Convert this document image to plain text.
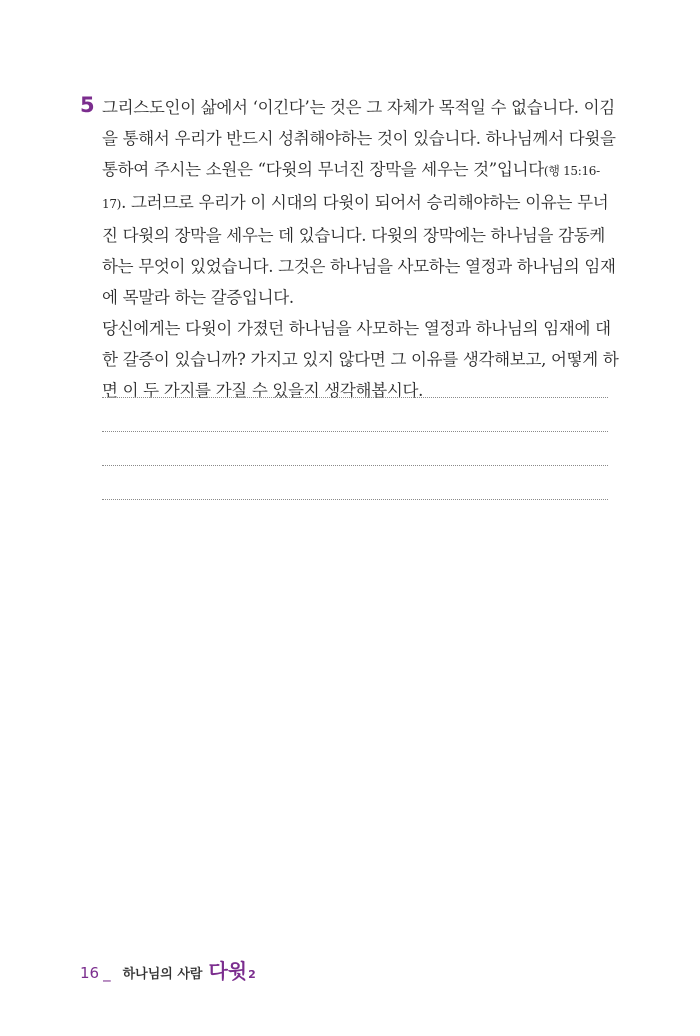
5 그리스도인이 삶에서 ‘이긴다’는 것은 그 자체가 목적일 수 없습니다. 이김을 통해서 우리가 반드시 성취해야하는 것이 있습니다. 하나님께서 다윗을 통하여 주시는 소원은 “다윗의 무너진 장막을 세우는 것”입니다(행 15:16-17). 그러므로 우리가 이 시대의 다윗이 되어서 승리해야하는 이유는 무너진 다윗의 장막을 세우는 데 있습니다. 다윗의 장막에는 하나님을 감동케 하는 무엇이 있었습니다. 그것은 하나님을 사모하는 열정과 하나님의 임재에 목말라 하는 갈증입니다.

당신에게는 다윗이 가졌던 하나님을 사모하는 열정과 하나님의 임재에 대한 갈증이 있습니까? 가지고 있지 않다면 그 이유를 생각해보고, 어떻게 하면 이 두 가지를 가질 수 있을지 생각해봅시다.

16 _ 하나님의 사람 다윗 2
